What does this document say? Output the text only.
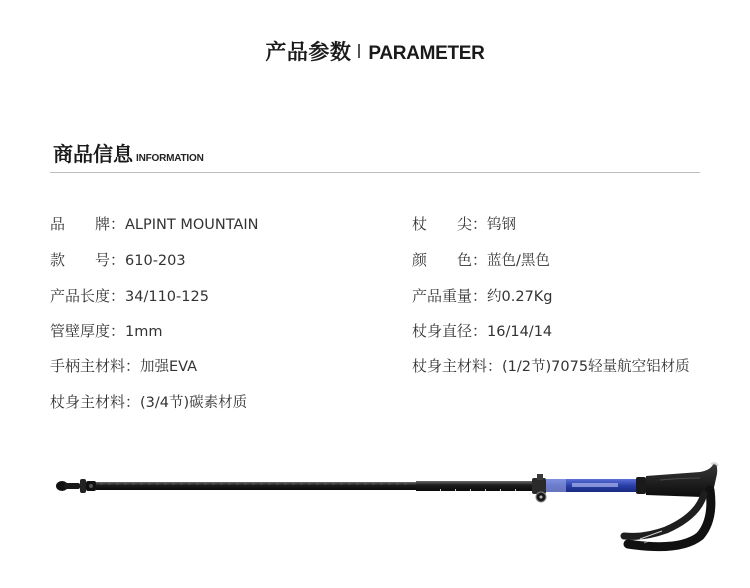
产品参数 PARAMETER
商品信息 INFORMATION
品　　牌：ALPINT MOUNTAIN
款　　号：610-203
产品长度：34/110-125
管壁厚度：1mm
手柄主材料：加强EVA
杖身主材料：(3/4节)碳素材质
杖　　尖：钨钢
颜　　色：蓝色/黑色
产品重量：约0.27Kg
杖身直径：16/14/14
杖身主材料：(1/2节)7075轻量航空铝材质
